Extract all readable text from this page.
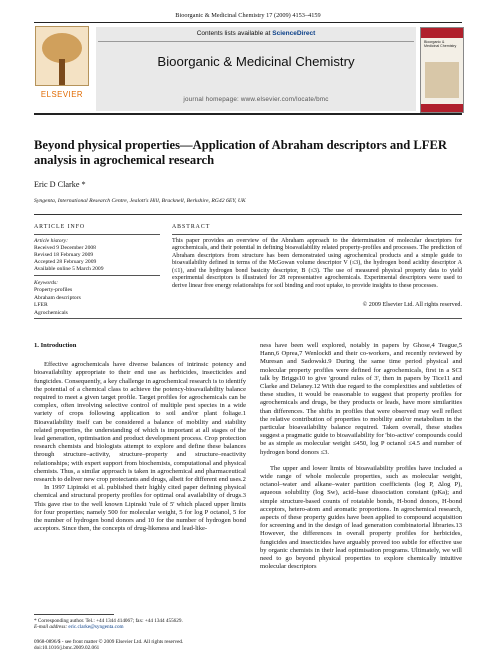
Bioorganic & Medicinal Chemistry 17 (2009) 4153–4159
ELSEVIER
Contents lists available at ScienceDirect
Bioorganic & Medicinal Chemistry
journal homepage: www.elsevier.com/locate/bmc
Bioorganic & Medicinal Chemistry
Beyond physical properties—Application of Abraham descriptors and LFER analysis in agrochemical research
Eric D Clarke *
Syngenta, International Research Centre, Jealott's Hill, Bracknell, Berkshire, RG42 6EY, UK
ARTICLE INFO
Article history:
Received 9 December 2008
Revised 18 February 2009
Accepted 28 February 2009
Available online 5 March 2009
Keywords:
Property-profiles
Abraham descriptors
LFER
Agrochemicals
ABSTRACT
This paper provides an overview of the Abraham approach to the determination of molecular descriptors for agrochemicals, and their potential in defining bioavailability related property-profiles and processes. The prediction of Abraham descriptors from structure has been demonstrated using agrochemical products and a simple guide to bioavailability defined in terms of the McGowan volume descriptor V (≤3), the hydrogen bond acidity descriptor A (≤1), and the hydrogen bond basicity descriptor, B (≤3). The use of measured physical property data to yield experimental descriptors is illustrated for 28 representative agrochemicals. Experimental descriptors were used to derive linear free energy relationships for soil binding and root uptake, to provide insights to these processes.
© 2009 Elsevier Ltd. All rights reserved.
1. Introduction

Effective agrochemicals have diverse balances of intrinsic potency and bioavailability appropriate to their end use as herbicides, insecticides and fungicides. Consequently, a key challenge in agrochemical research is to identify the potential of a chemical class to achieve the potency-bioavailability balance required to meet a given target profile. Target profiles for agrochemicals can be complex, often involving selective control of multiple pest species in a wide variety of crops following application to soil and/or plant foliage.1 Bioavailability itself can be considered a balance of mobility and stability related properties, the understanding of which is important at all stages of the lead generation, optimisation and product development process. Crop protection research chemists and biologists attempt to explore and define these balances through structure–activity, structure–property and structure–reactivity relationships; with expert support from biochemists, computational and physical chemists. Thus, a similar approach is taken in agrochemical and pharmaceutical research to deliver new crop protectants and drugs, albeit for different end uses.2

In 1997 Lipinski et al. published their highly cited paper defining physical chemical and structural property profiles for optimal oral availability of drugs.3 This gave rise to the well known Lipinski 'rule of 5' which placed upper limits for four properties; namely 500 for molecular weight, 5 for log P octanol, 5 for the number of hydrogen bond donors and 10 for the number of hydrogen bond acceptors. Since then, the concepts of drug-likeness and lead-like-

ness have been well explored, notably in papers by Ghose,4 Teague,5 Hann,6 Oprea,7 Wenlock8 and their co-workers, and recently reviewed by Muresan and Sadowski.9 During the same time period physical and molecular property profiles were defined for agrochemicals, first in a SCI talk by Briggs10 to give 'ground rules of 3', then in papers by Tice11 and Clarke and Delaney.12 With due regard to the complexities and subtleties of these studies, it would be reasonable to suggest that property profiles for agrochemicals and drugs, be they products or leads, have more similarities than differences. The shifts in profiles that were observed may well reflect the relative contribution of properties to mobility and/or metabolism in the particular bioavailability balance required. Taken overall, these studies suggest a pragmatic guide to bioavailability for 'bio-active' compounds could be as simple as molecular weight ≤450, log P octanol ≤4.5 and number of hydrogen bond donors ≤3.

The upper and lower limits of bioavailability profiles have included a wide range of whole molecule properties, such as molecular weight, octanol–water and alkane–water partition coefficients (log P, Δlog P), aqueous solubility (log Sw), acid–base dissociation constant (pKa); and simple structure-based counts of rotatable bonds, H-bond donors, H-bond acceptors, hetero-atom and aromatic proportions. In agrochemical research, aspects of these property guides have been applied to compound acquisition for screening and in the design of lead generation combinatorial libraries.13 However, the differences in overall property profiles for herbicides, fungicides and insecticides have arguably proved too subtle for effective use by organic chemists in their lead optimisation programs. Ultimately, we will need to go beyond physical properties to explore chemically intuitive molecular descriptors

* Corresponding author. Tel.: +44 1344 414067; fax: +44 1344 455629.
E-mail address: eric.clarke@syngenta.com
0968-0896/$ - see front matter © 2009 Elsevier Ltd. All rights reserved.
doi:10.1016/j.bmc.2009.02.061
